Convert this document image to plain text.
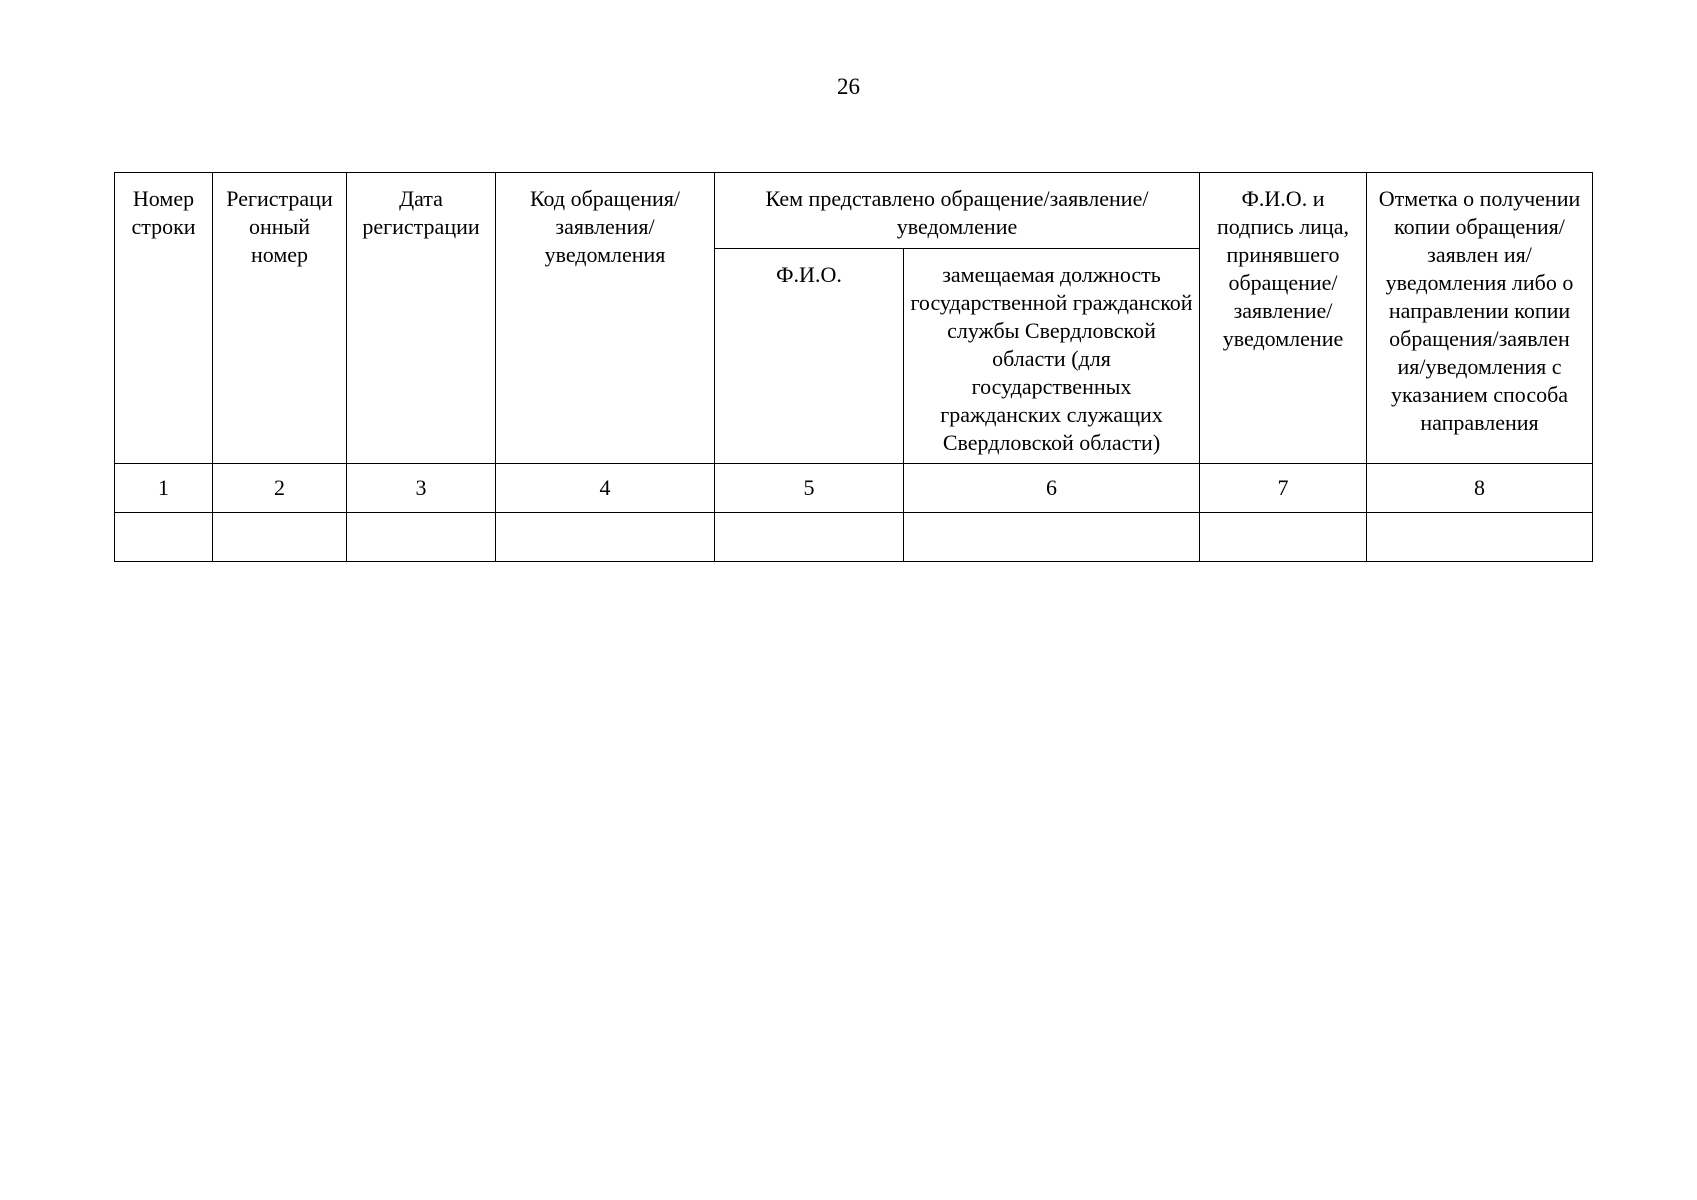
26
Номер строки	Регистраци онный номер	Дата регистрации	Код обращения/ заявления/ уведомления	Кем представлено обращение/заявление/уведомление		Ф.И.О. и подпись лица, принявшего обращение/ заявление/ уведомление	Отметка о получении копии обращения/заявлен ия/уведомления либо о направлении копии обращения/заявлен ия/уведомления с указанием способа направления
				Ф.И.О.	замещаемая должность государственной гражданской службы Свердловской области (для государственных гражданских служащих Свердловской области)		
1	2	3	4	5	6	7	8
